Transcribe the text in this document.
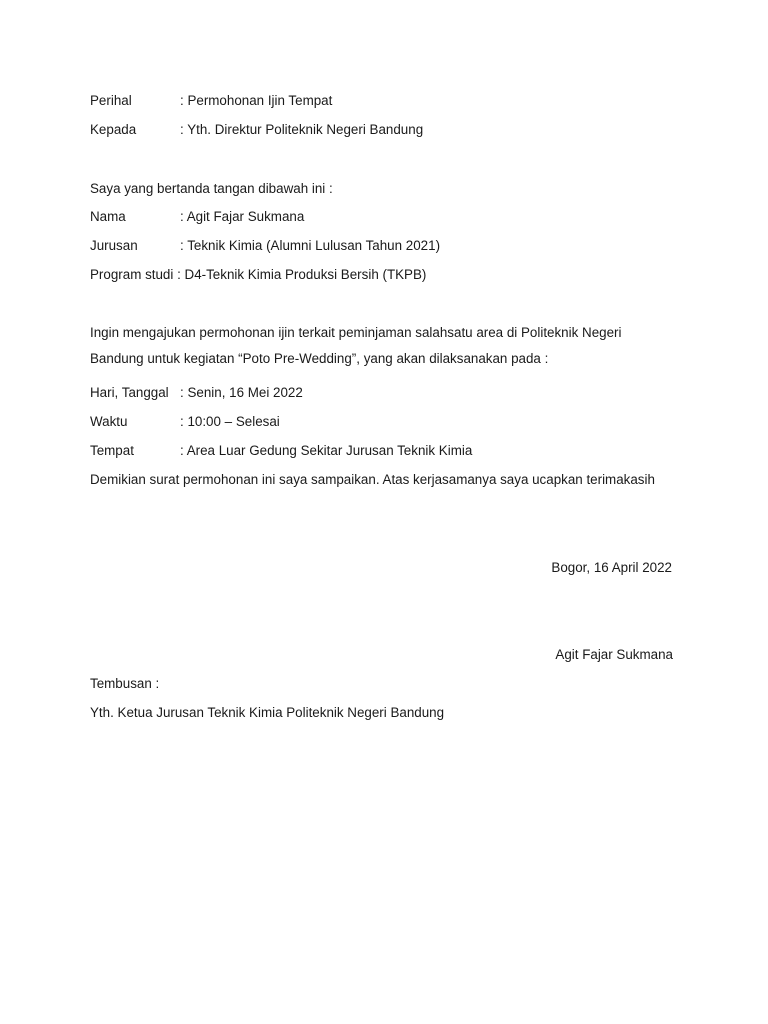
Perihal	: Permohonan Ijin Tempat
Kepada	: Yth. Direktur Politeknik Negeri Bandung
Saya yang bertanda tangan dibawah ini :
Nama	: Agit Fajar Sukmana
Jurusan	: Teknik Kimia (Alumni Lulusan Tahun 2021)
Program studi : D4-Teknik Kimia Produksi Bersih (TKPB)
Ingin mengajukan permohonan ijin terkait peminjaman salahsatu area di Politeknik Negeri
Bandung untuk kegiatan “Poto Pre-Wedding”, yang akan dilaksanakan pada :
Hari, Tanggal : Senin, 16 Mei 2022
Waktu	: 10:00 – Selesai
Tempat	: Area Luar Gedung Sekitar Jurusan Teknik Kimia
Demikian surat permohonan ini saya sampaikan. Atas kerjasamanya saya ucapkan terimakasih
Bogor, 16 April 2022
Agit Fajar Sukmana
Tembusan :
Yth. Ketua Jurusan Teknik Kimia Politeknik Negeri Bandung
